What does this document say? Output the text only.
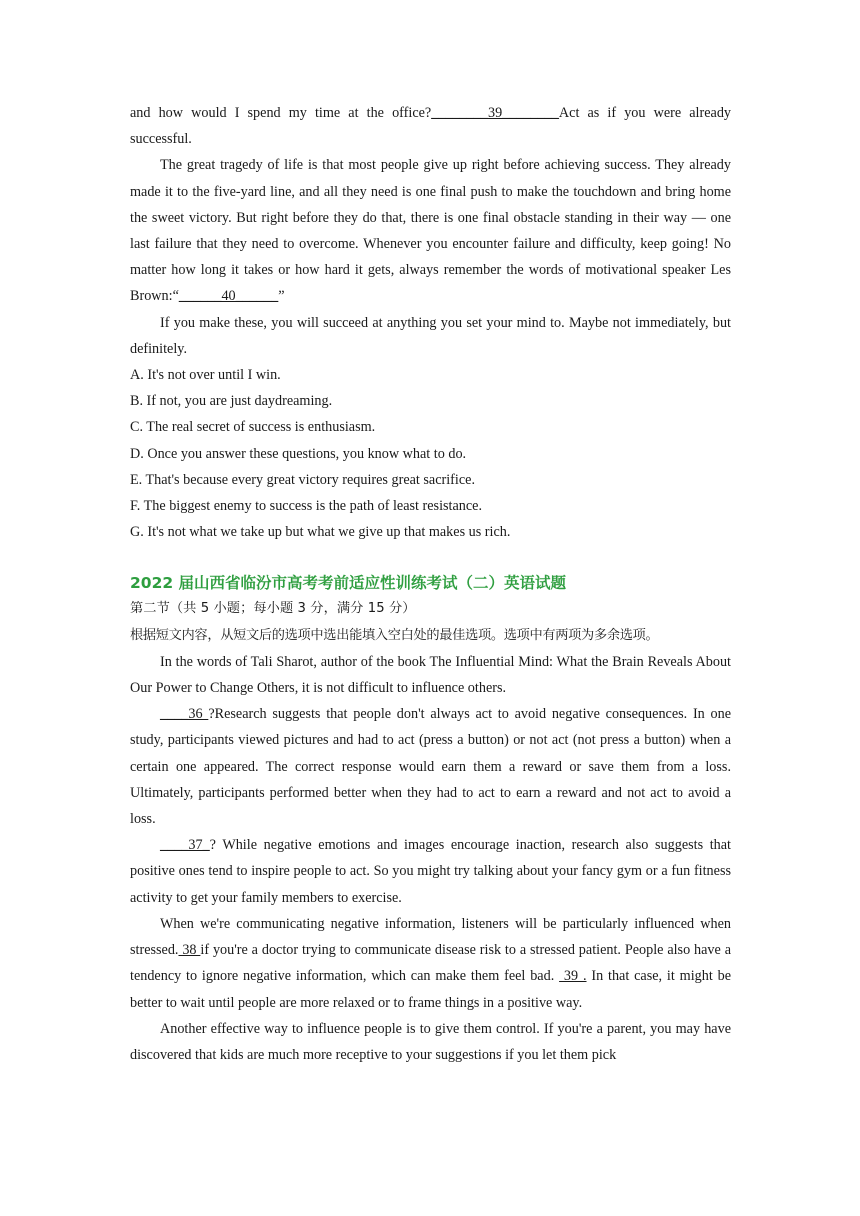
and how would I spend my time at the office?________39________Act as if you were already successful.

The great tragedy of life is that most people give up right before achieving success. They already made it to the five-yard line, and all they need is one final push to make the touchdown and bring home the sweet victory. But right before they do that, there is one final obstacle standing in their way — one last failure that they need to overcome. Whenever you encounter failure and difficulty, keep going! No matter how long it takes or how hard it gets, always remember the words of motivational speaker Les Brown:“______40______”

If you make these, you will succeed at anything you set your mind to. Maybe not immediately, but definitely.

A. It's not over until I win.

B. If not, you are just daydreaming.

C. The real secret of success is enthusiasm.

D. Once you answer these questions, you know what to do.

E. That's because every great victory requires great sacrifice.

F. The biggest enemy to success is the path of least resistance.

G. It's not what we take up but what we give up that makes us rich.

2022 届山西省临汾市高考考前适应性训练考试（二）英语试题

第二节（共 5 小题；每小题 3 分，满分 15 分）

根据短文内容，从短文后的选项中选出能填入空白处的最佳选项。选项中有两项为多余选项。

In the words of Tali Sharot, author of the book The Influential Mind: What the Brain Reveals About Our Power to Change Others, it is not difficult to influence others.

____36 ?Research suggests that people don't always act to avoid negative consequences. In one study, participants viewed pictures and had to act (press a button) or not act (not press a button) when a certain one appeared. The correct response would earn them a reward or save them from a loss. Ultimately, participants performed better when they had to act to earn a reward and not act to avoid a loss.

____37_? While negative emotions and images encourage inaction, research also suggests that positive ones tend to inspire people to act. So you might try talking about your fancy gym or a fun fitness activity to get your family members to exercise.

When we're communicating negative information, listeners will be particularly influenced when stressed. 38 if you're a doctor trying to communicate disease risk to a stressed patient. People also have a tendency to ignore negative information, which can make them feel bad.  39 . In that case, it might be better to wait until people are more relaxed or to frame things in a positive way.

Another effective way to influence people is to give them control. If you're a parent, you may have discovered that kids are much more receptive to your suggestions if you let them pick
